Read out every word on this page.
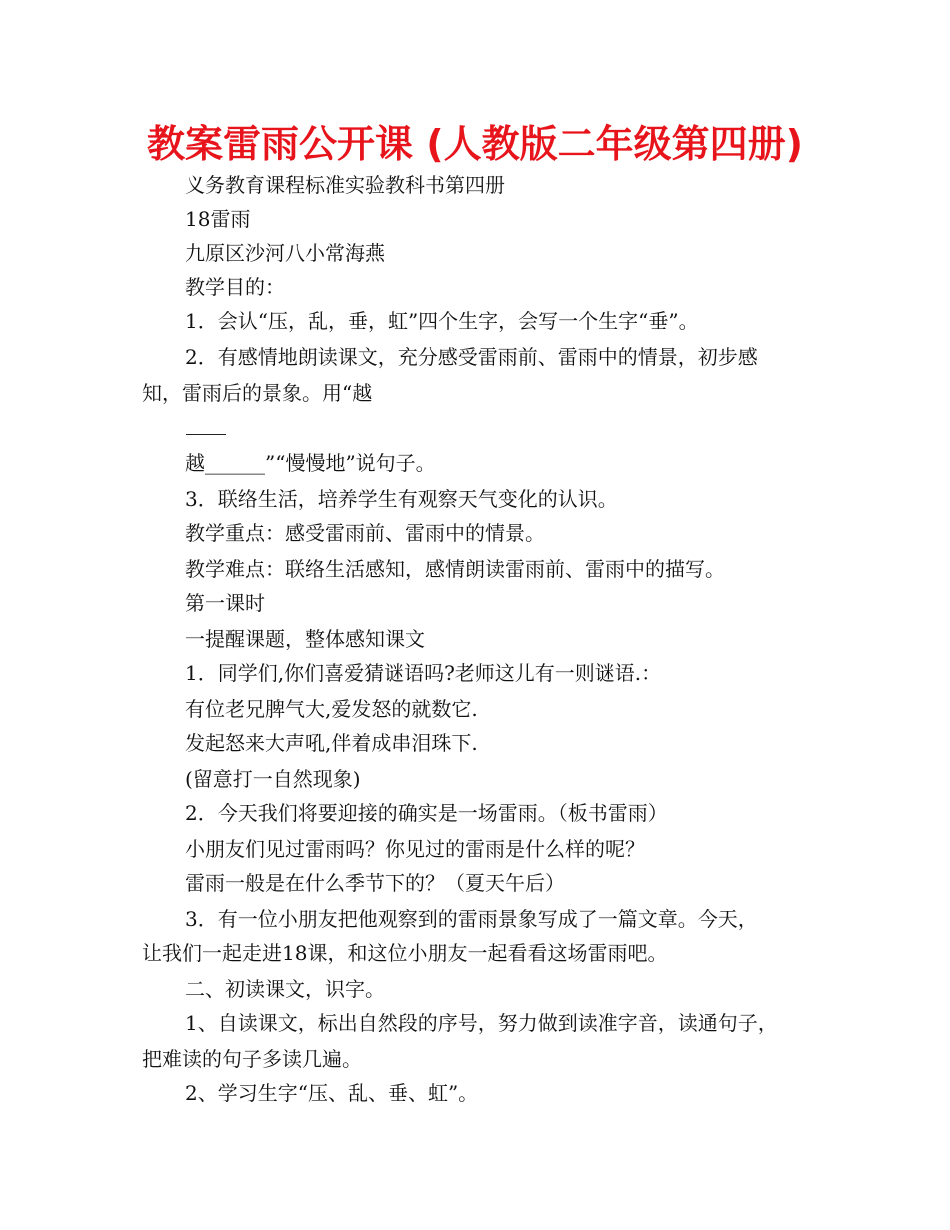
教案雷雨公开课 (人教版二年级第四册)
义务教育课程标准实验教科书第四册
18雷雨
九原区沙河八小常海燕
教学目的：
1．会认“压，乱，垂，虹”四个生字，会写一个生字“垂”。
2．有感情地朗读课文，充分感受雷雨前、雷雨中的情景，初步感
知，雷雨后的景象。用“越
越______”“慢慢地”说句子。
3．联络生活，培养学生有观察天气变化的认识。
教学重点：感受雷雨前、雷雨中的情景。
教学难点：联络生活感知，感情朗读雷雨前、雷雨中的描写。
第一课时
一提醒课题，整体感知课文
1．同学们,你们喜爱猜谜语吗?老师这儿有一则谜语.：
有位老兄脾气大,爱发怒的就数它.
发起怒来大声吼,伴着成串泪珠下.
(留意打一自然现象)
2．今天我们将要迎接的确实是一场雷雨。（板书雷雨）
小朋友们见过雷雨吗？你见过的雷雨是什么样的呢？
雷雨一般是在什么季节下的？（夏天午后）
3．有一位小朋友把他观察到的雷雨景象写成了一篇文章。今天，
让我们一起走进18课，和这位小朋友一起看看这场雷雨吧。
二、初读课文，识字。
1、自读课文，标出自然段的序号，努力做到读准字音，读通句子，
把难读的句子多读几遍。
2、学习生字“压、乱、垂、虹”。
